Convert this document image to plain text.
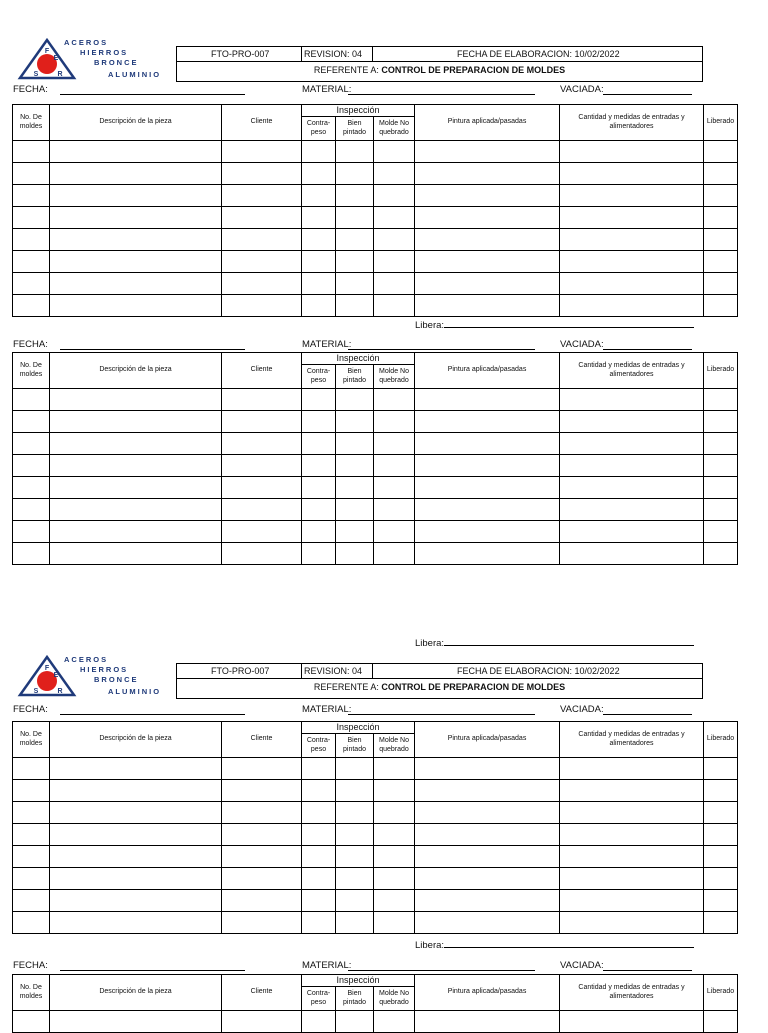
F
E
S	R
ACEROS
HIERROS
BRONCE
ALUMINIO
FTO-PRO-007	REVISION: 04	FECHA DE ELABORACION: 10/02/2022
REFERENTE A: CONTROL DE PREPARACION DE MOLDES
FECHA:	MATERIAL:	VACIADA:
No. De moldes	Descripción de la pieza	Cliente	Inspección			Pintura aplicada/pasadas	Cantidad y medidas de entradas y alimentadores	Liberado
			Contra-peso	Bien pintado	Molde No quebrado			

Libera:
FECHA:	MATERIAL:	VACIADA:
No. De moldes	Descripción de la pieza	Cliente	Inspección			Pintura aplicada/pasadas	Cantidad y medidas de entradas y alimentadores	Liberado
			Contra-peso	Bien pintado	Molde No quebrado			

Libera:
F
E
S	R
ACEROS
HIERROS
BRONCE
ALUMINIO
FTO-PRO-007	REVISION: 04	FECHA DE ELABORACION: 10/02/2022
REFERENTE A: CONTROL DE PREPARACION DE MOLDES
FECHA:	MATERIAL:	VACIADA:
No. De moldes	Descripción de la pieza	Cliente	Inspección			Pintura aplicada/pasadas	Cantidad y medidas de entradas y alimentadores	Liberado
			Contra-peso	Bien pintado	Molde No quebrado			

Libera:
FECHA:	MATERIAL:	VACIADA:
No. De moldes	Descripción de la pieza	Cliente	Inspección			Pintura aplicada/pasadas	Cantidad y medidas de entradas y alimentadores	Liberado
			Contra-peso	Bien pintado	Molde No quebrado			
